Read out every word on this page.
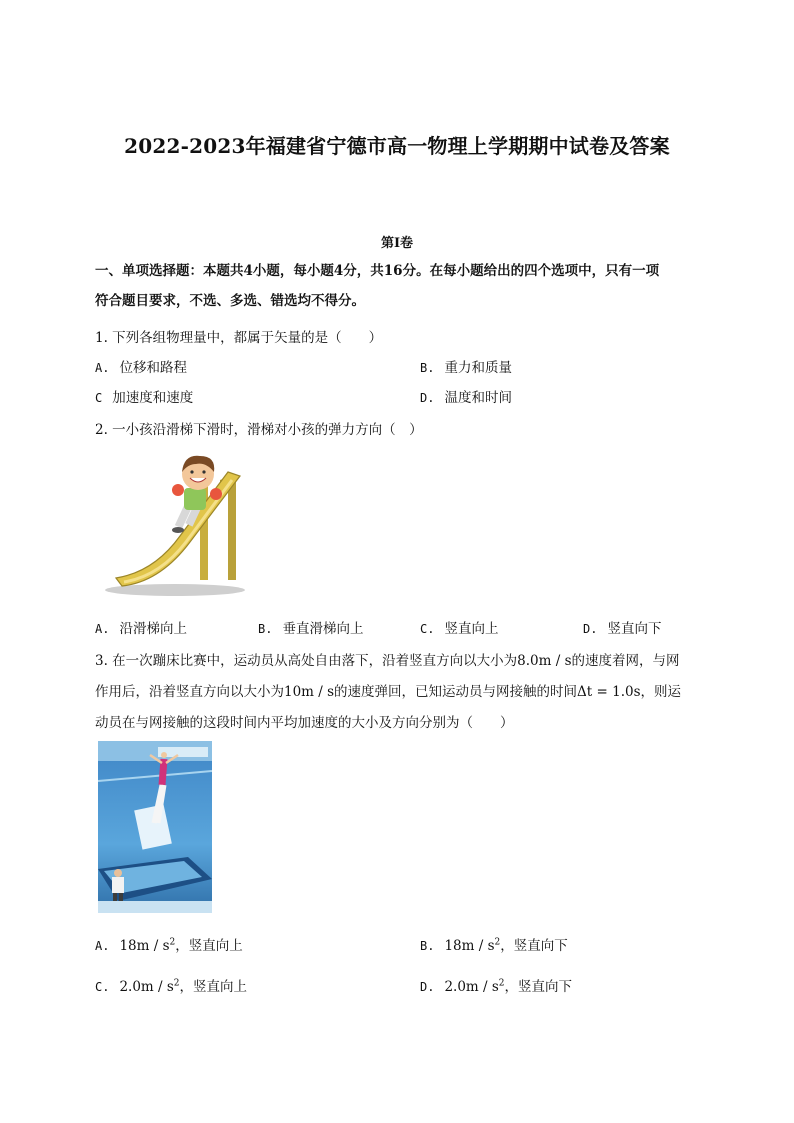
2022-2023年福建省宁德市高一物理上学期期中试卷及答案
第I卷
一、单项选择题：本题共4小题，每小题4分，共16分。在每小题给出的四个选项中，只有一项
符合题目要求，不选、多选、错选均不得分。
1. 下列各组物理量中，都属于矢量的是（　　）
A. 位移和路程	B. 重力和质量
C 加速度和速度	D. 温度和时间
2. 一小孩沿滑梯下滑时，滑梯对小孩的弹力方向（　）
A. 沿滑梯向上	B. 垂直滑梯向上	C. 竖直向上	D. 竖直向下
3. 在一次蹦床比赛中，运动员从高处自由落下，沿着竖直方向以大小为8.0m / s的速度着网，与网
作用后，沿着竖直方向以大小为10m / s的速度弹回，已知运动员与网接触的时间Δt = 1.0s，则运
动员在与网接触的这段时间内平均加速度的大小及方向分别为（　　）
A. $18m / s^2$，竖直向上	B. $18m / s^2$，竖直向下
C. $2.0m / s^2$，竖直向上	D. $2.0m / s^2$，竖直向下
